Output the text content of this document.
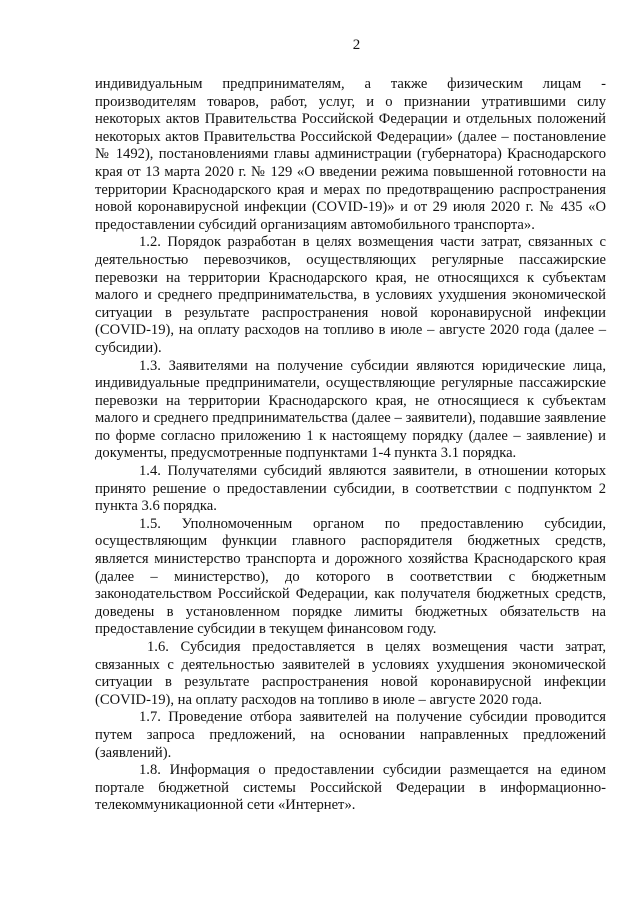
2

индивидуальным предпринимателям, а также физическим лицам - производителям товаров, работ, услуг, и о признании утратившими силу некоторых актов Правительства Российской Федерации и отдельных положений некоторых актов Правительства Российской Федерации» (далее – постановление № 1492), постановлениями главы администрации (губернатора) Краснодарского края от 13 марта 2020 г. № 129 «О введении режима повышенной готовности на территории Краснодарского края и мерах по предотвращению распространения новой коронавирусной инфекции (COVID-19)» и от 29 июля 2020 г. № 435 «О предоставлении субсидий организациям автомобильного транспорта».

1.2. Порядок разработан в целях возмещения части затрат, связанных с деятельностью перевозчиков, осуществляющих регулярные пассажирские перевозки на территории Краснодарского края, не относящихся к субъектам малого и среднего предпринимательства, в условиях ухудшения экономической ситуации в результате распространения новой коронавирусной инфекции (COVID-19), на оплату расходов на топливо в июле – августе 2020 года (далее – субсидии).

1.3. Заявителями на получение субсидии являются юридические лица, индивидуальные предприниматели, осуществляющие регулярные пассажирские перевозки на территории Краснодарского края, не относящиеся к субъектам малого и среднего предпринимательства (далее – заявители), подавшие заявление по форме согласно приложению 1 к настоящему порядку (далее – заявление) и документы, предусмотренные подпунктами 1-4 пункта 3.1 порядка.

1.4. Получателями субсидий являются заявители, в отношении которых принято решение о предоставлении субсидии, в соответствии с подпунктом 2 пункта 3.6 порядка.

1.5. Уполномоченным органом по предоставлению субсидии, осуществляющим функции главного распорядителя бюджетных средств, является министерство транспорта и дорожного хозяйства Краснодарского края (далее – министерство), до которого в соответствии с бюджетным законодательством Российской Федерации, как получателя бюджетных средств, доведены в установленном порядке лимиты бюджетных обязательств на предоставление субсидии в текущем финансовом году.

1.6. Субсидия предоставляется в целях возмещения части затрат, связанных с деятельностью заявителей в условиях ухудшения экономической ситуации в результате распространения новой коронавирусной инфекции (COVID-19), на оплату расходов на топливо в июле – августе 2020 года.

1.7. Проведение отбора заявителей на получение субсидии проводится путем запроса предложений, на основании направленных предложений (заявлений).

1.8. Информация о предоставлении субсидии размещается на едином портале бюджетной системы Российской Федерации в информационно-телекоммуникационной сети «Интернет».
